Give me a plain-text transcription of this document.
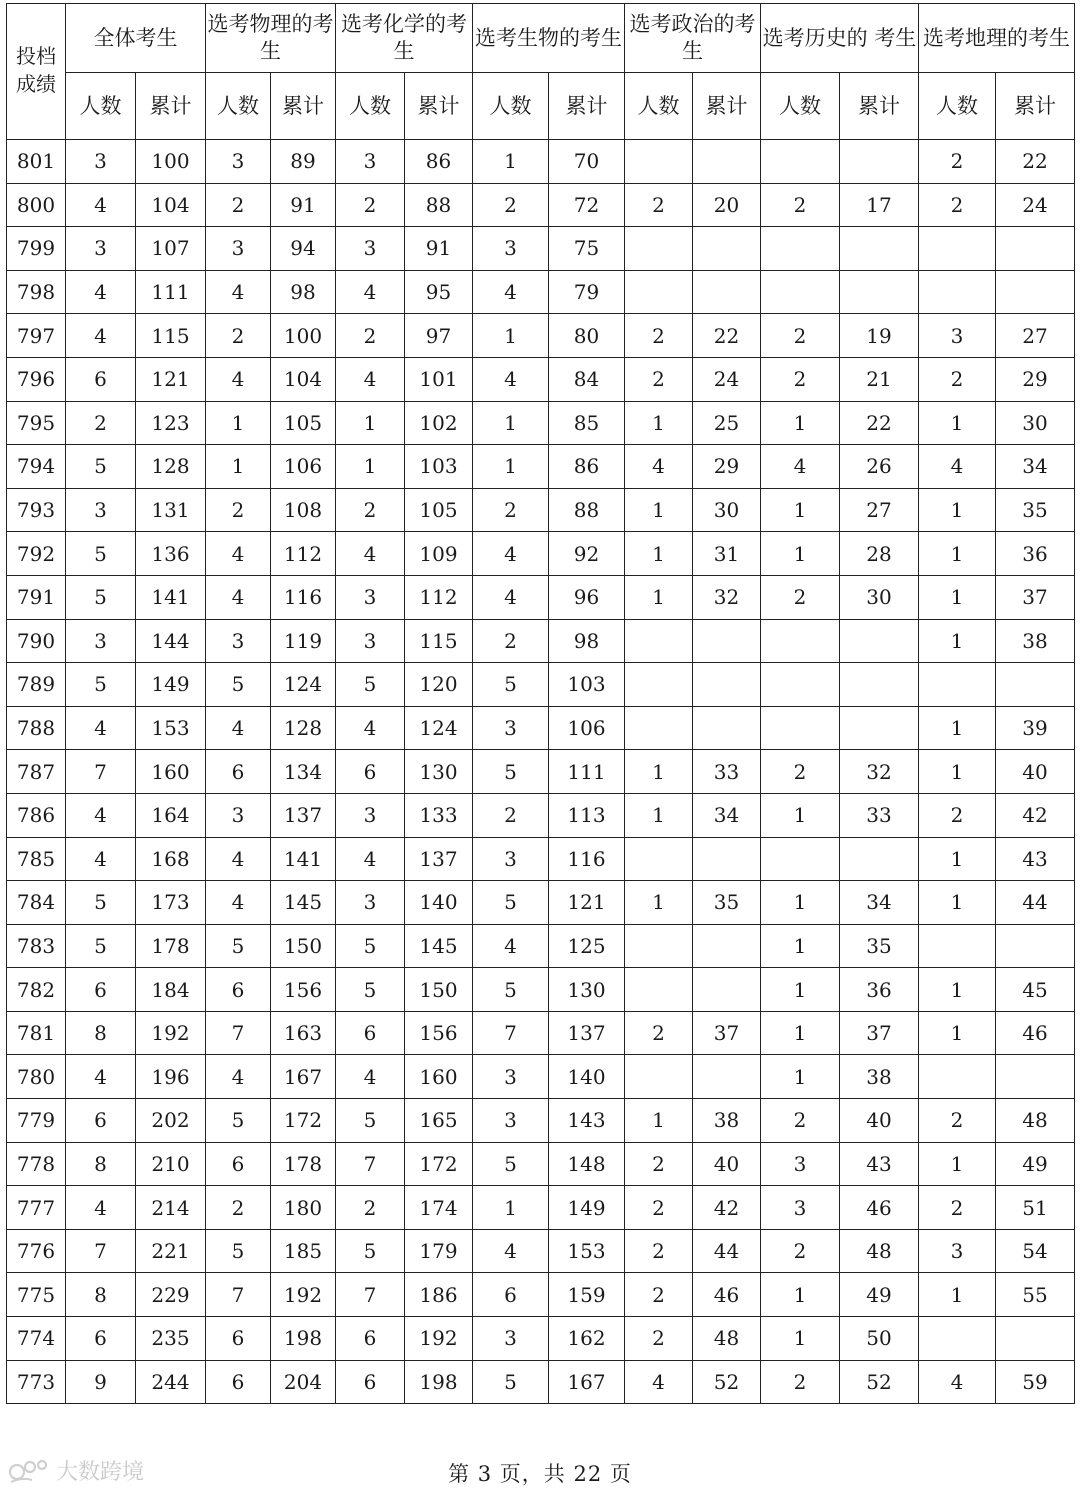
投档成绩	全体考生		选考物理的考生		选考化学的考生		选考生物的考生		选考政治的考生		选考历史的 考生		选考地理的考生	
	人数	累计	人数	累计	人数	累计	人数	累计	人数	累计	人数	累计	人数	累计
801	3	100	3	89	3	86	1	70					2	22
800	4	104	2	91	2	88	2	72	2	20	2	17	2	24
799	3	107	3	94	3	91	3	75						
798	4	111	4	98	4	95	4	79						
797	4	115	2	100	2	97	1	80	2	22	2	19	3	27
796	6	121	4	104	4	101	4	84	2	24	2	21	2	29
795	2	123	1	105	1	102	1	85	1	25	1	22	1	30
794	5	128	1	106	1	103	1	86	4	29	4	26	4	34
793	3	131	2	108	2	105	2	88	1	30	1	27	1	35
792	5	136	4	112	4	109	4	92	1	31	1	28	1	36
791	5	141	4	116	3	112	4	96	1	32	2	30	1	37
790	3	144	3	119	3	115	2	98					1	38
789	5	149	5	124	5	120	5	103						
788	4	153	4	128	4	124	3	106					1	39
787	7	160	6	134	6	130	5	111	1	33	2	32	1	40
786	4	164	3	137	3	133	2	113	1	34	1	33	2	42
785	4	168	4	141	4	137	3	116					1	43
784	5	173	4	145	3	140	5	121	1	35	1	34	1	44
783	5	178	5	150	5	145	4	125			1	35		
782	6	184	6	156	5	150	5	130			1	36	1	45
781	8	192	7	163	6	156	7	137	2	37	1	37	1	46
780	4	196	4	167	4	160	3	140			1	38		
779	6	202	5	172	5	165	3	143	1	38	2	40	2	48
778	8	210	6	178	7	172	5	148	2	40	3	43	1	49
777	4	214	2	180	2	174	1	149	2	42	3	46	2	51
776	7	221	5	185	5	179	4	153	2	44	2	48	3	54
775	8	229	7	192	7	186	6	159	2	46	1	49	1	55
774	6	235	6	198	6	192	3	162	2	48	1	50		
773	9	244	6	204	6	198	5	167	4	52	2	52	4	59
大数跨境	第 3 页，共 22 页
